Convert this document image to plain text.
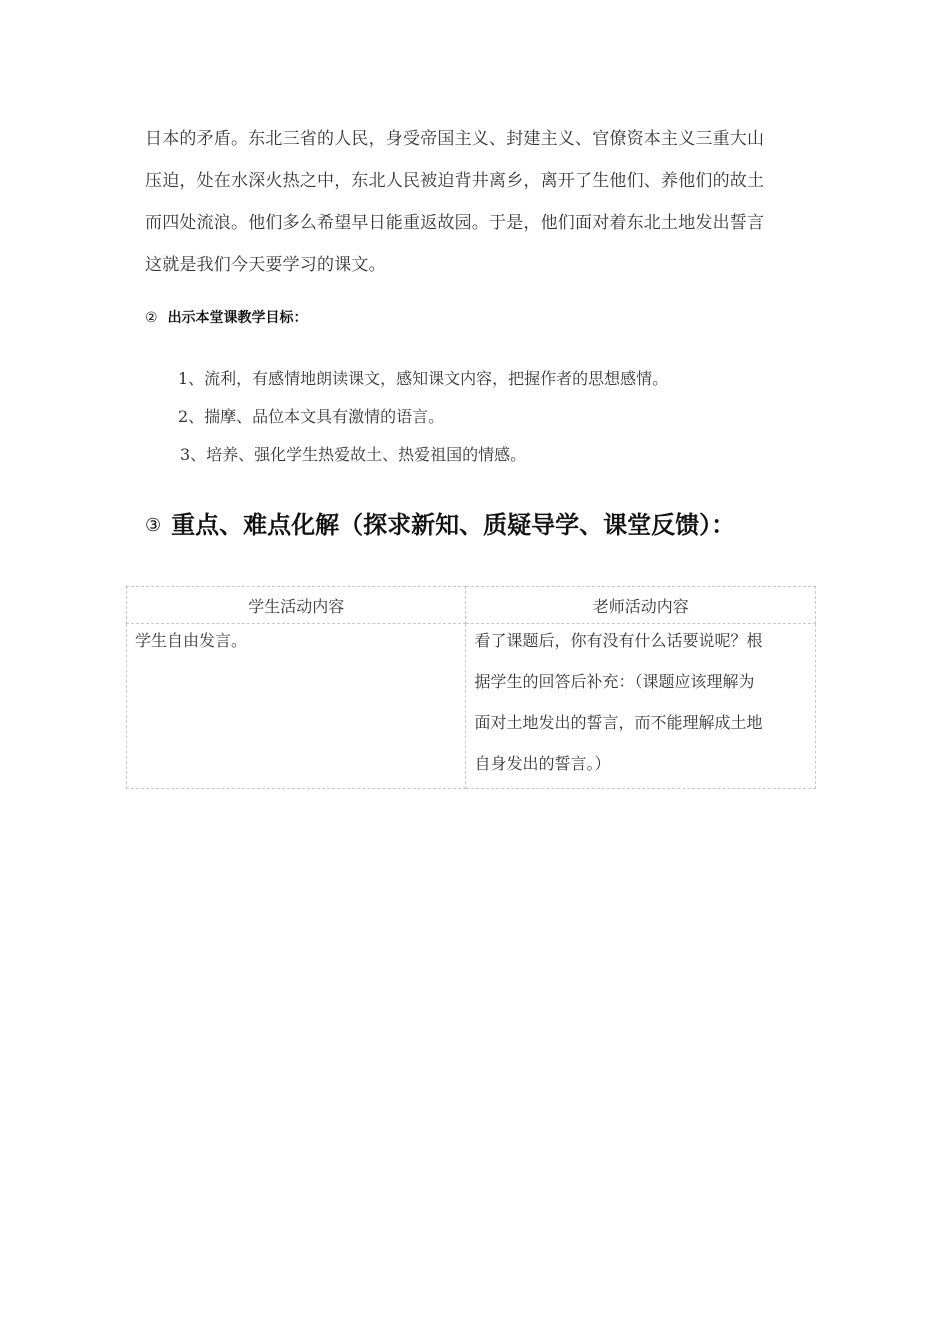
日本的矛盾。东北三省的人民，身受帝国主义、封建主义、官僚资本主义三重大山
压迫，处在水深火热之中，东北人民被迫背井离乡，离开了生他们、养他们的故土
而四处流浪。他们多么希望早日能重返故园。于是，他们面对着东北土地发出誓言
这就是我们今天要学习的课文。
② 出示本堂课教学目标：
1、流利，有感情地朗读课文，感知课文内容，把握作者的思想感情。
2、揣摩、品位本文具有激情的语言。
3、培养、强化学生热爱故土、热爱祖国的情感。
③ 重点、难点化解（探求新知、质疑导学、课堂反馈）：
学生活动内容	老师活动内容

学生自由发言。	看了课题后，你有没有什么话要说呢？根
据学生的回答后补充：（课题应该理解为
面对土地发出的誓言，而不能理解成土地
自身发出的誓言。）
